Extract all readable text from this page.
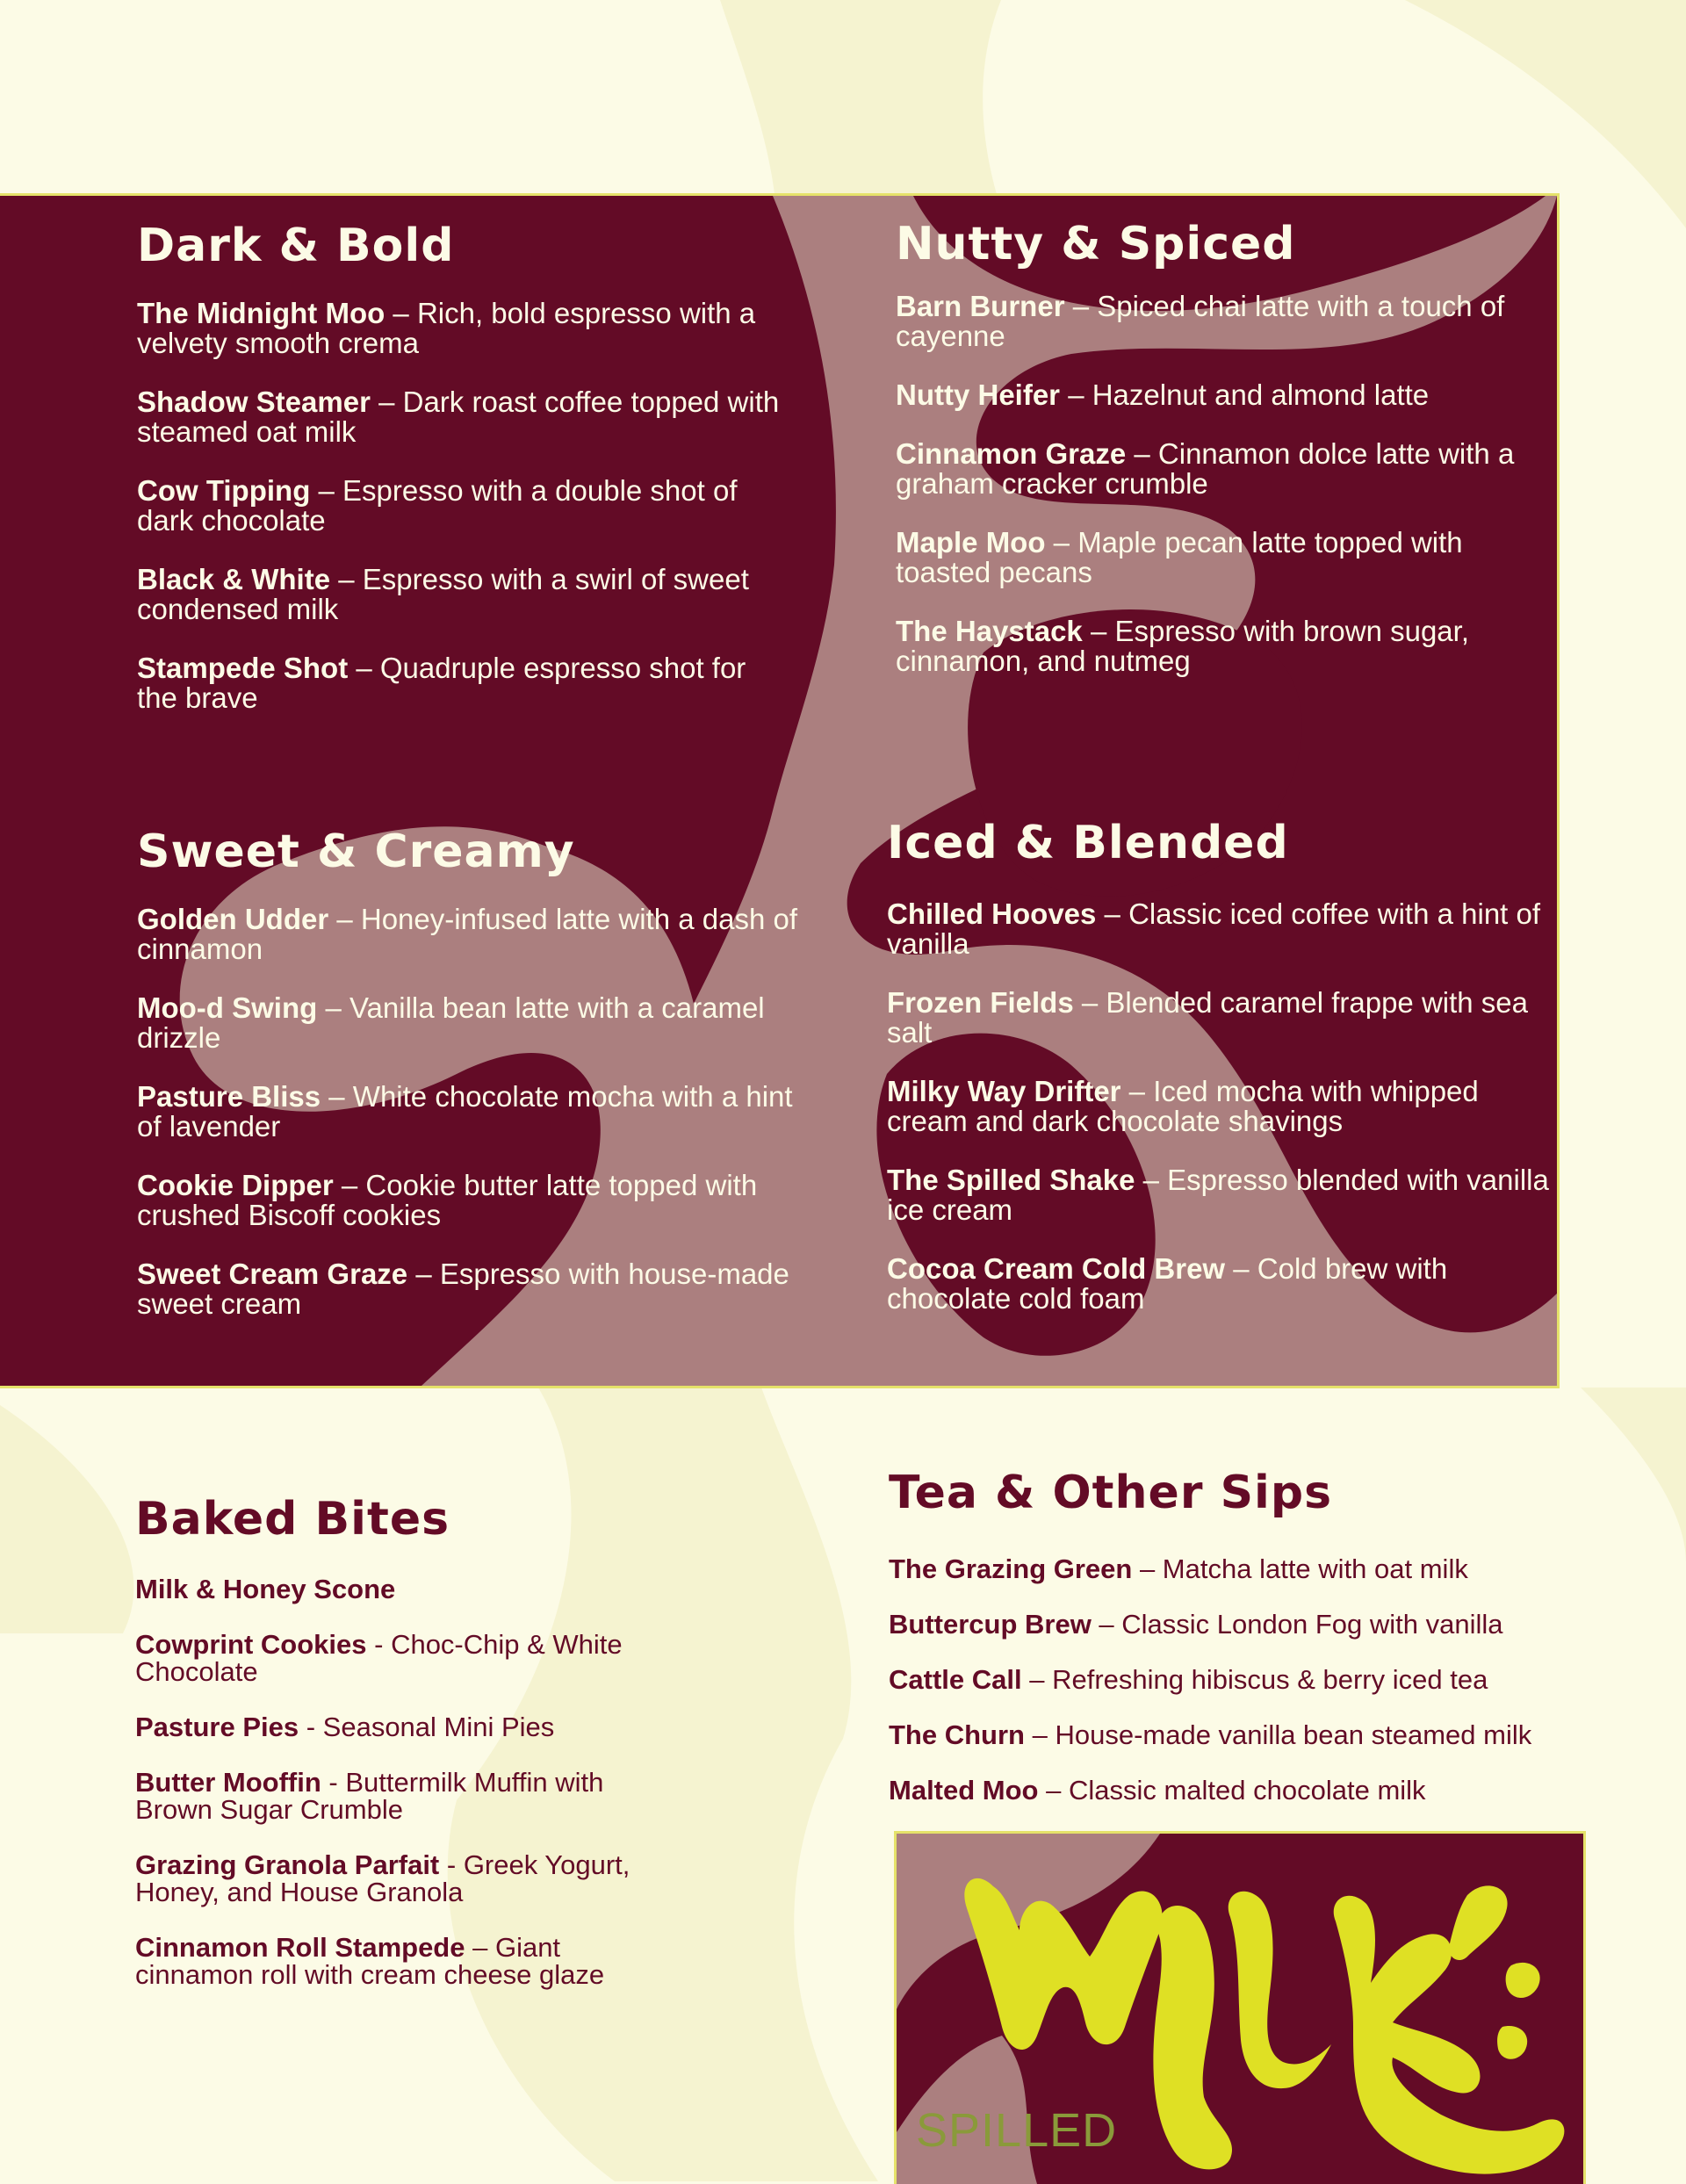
Dark & Bold
The Midnight Moo – Rich, bold espresso with a velvety smooth crema
Shadow Steamer – Dark roast coffee topped with steamed oat milk
Cow Tipping – Espresso with a double shot of dark chocolate
Black & White – Espresso with a swirl of sweet condensed milk
Stampede Shot – Quadruple espresso shot for the brave
Nutty & Spiced
Barn Burner – Spiced chai latte with a touch of cayenne
Nutty Heifer – Hazelnut and almond latte
Cinnamon Graze – Cinnamon dolce latte with a graham cracker crumble
Maple Moo – Maple pecan latte topped with toasted pecans
The Haystack – Espresso with brown sugar, cinnamon, and nutmeg
Sweet & Creamy
Golden Udder – Honey-infused latte with a dash of cinnamon
Moo-d Swing – Vanilla bean latte with a caramel drizzle
Pasture Bliss – White chocolate mocha with a hint of lavender
Cookie Dipper – Cookie butter latte topped with crushed Biscoff cookies
Sweet Cream Graze – Espresso with house-made sweet cream
Iced & Blended
Chilled Hooves – Classic iced coffee with a hint of vanilla
Frozen Fields – Blended caramel frappe with sea salt
Milky Way Drifter – Iced mocha with whipped cream and dark chocolate shavings
The Spilled Shake – Espresso blended with vanilla ice cream
Cocoa Cream Cold Brew – Cold brew with chocolate cold foam
Baked Bites
Milk & Honey Scone
Cowprint Cookies - Choc-Chip & White Chocolate
Pasture Pies - Seasonal Mini Pies
Butter Mooffin - Buttermilk Muffin with Brown Sugar Crumble
Grazing Granola Parfait - Greek Yogurt, Honey, and House Granola
Cinnamon Roll Stampede – Giant cinnamon roll with cream cheese glaze
Tea & Other Sips
The Grazing Green – Matcha latte with oat milk
Buttercup Brew – Classic London Fog with vanilla
Cattle Call – Refreshing hibiscus & berry iced tea
The Churn – House-made vanilla bean steamed milk
Malted Moo – Classic malted chocolate milk
SPILLED
